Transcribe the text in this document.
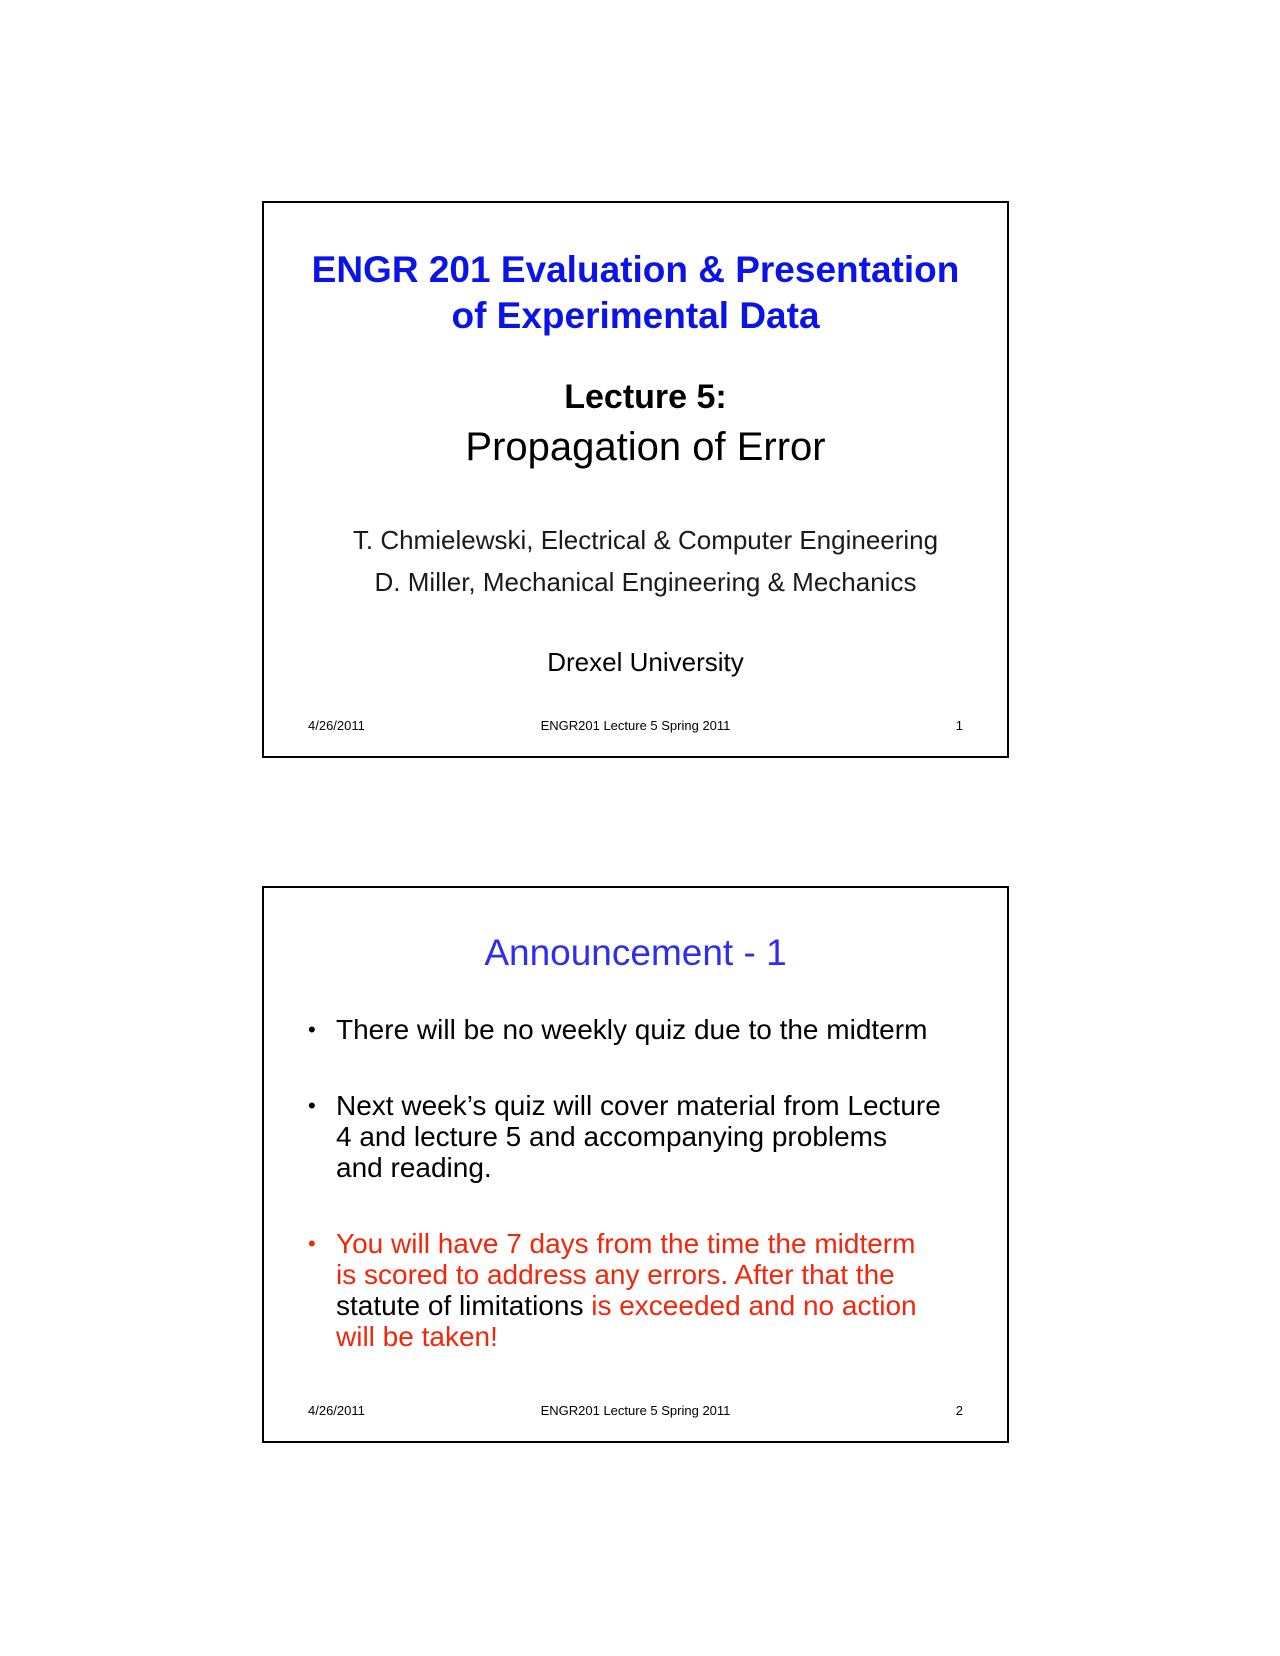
ENGR 201 Evaluation & Presentation
of Experimental Data
Lecture 5:
Propagation of Error
T. Chmielewski, Electrical & Computer Engineering
D. Miller, Mechanical Engineering & Mechanics
Drexel University
4/26/2011	ENGR201 Lecture 5 Spring 2011	1
Announcement - 1
• There will be no weekly quiz due to the midterm
• Next week’s quiz will cover material from Lecture
4 and lecture 5 and accompanying problems
and reading.
• You will have 7 days from the time the midterm
is scored to address any errors. After that the
statute of limitations is exceeded and no action
will be taken!
4/26/2011	ENGR201 Lecture 5 Spring 2011	2
